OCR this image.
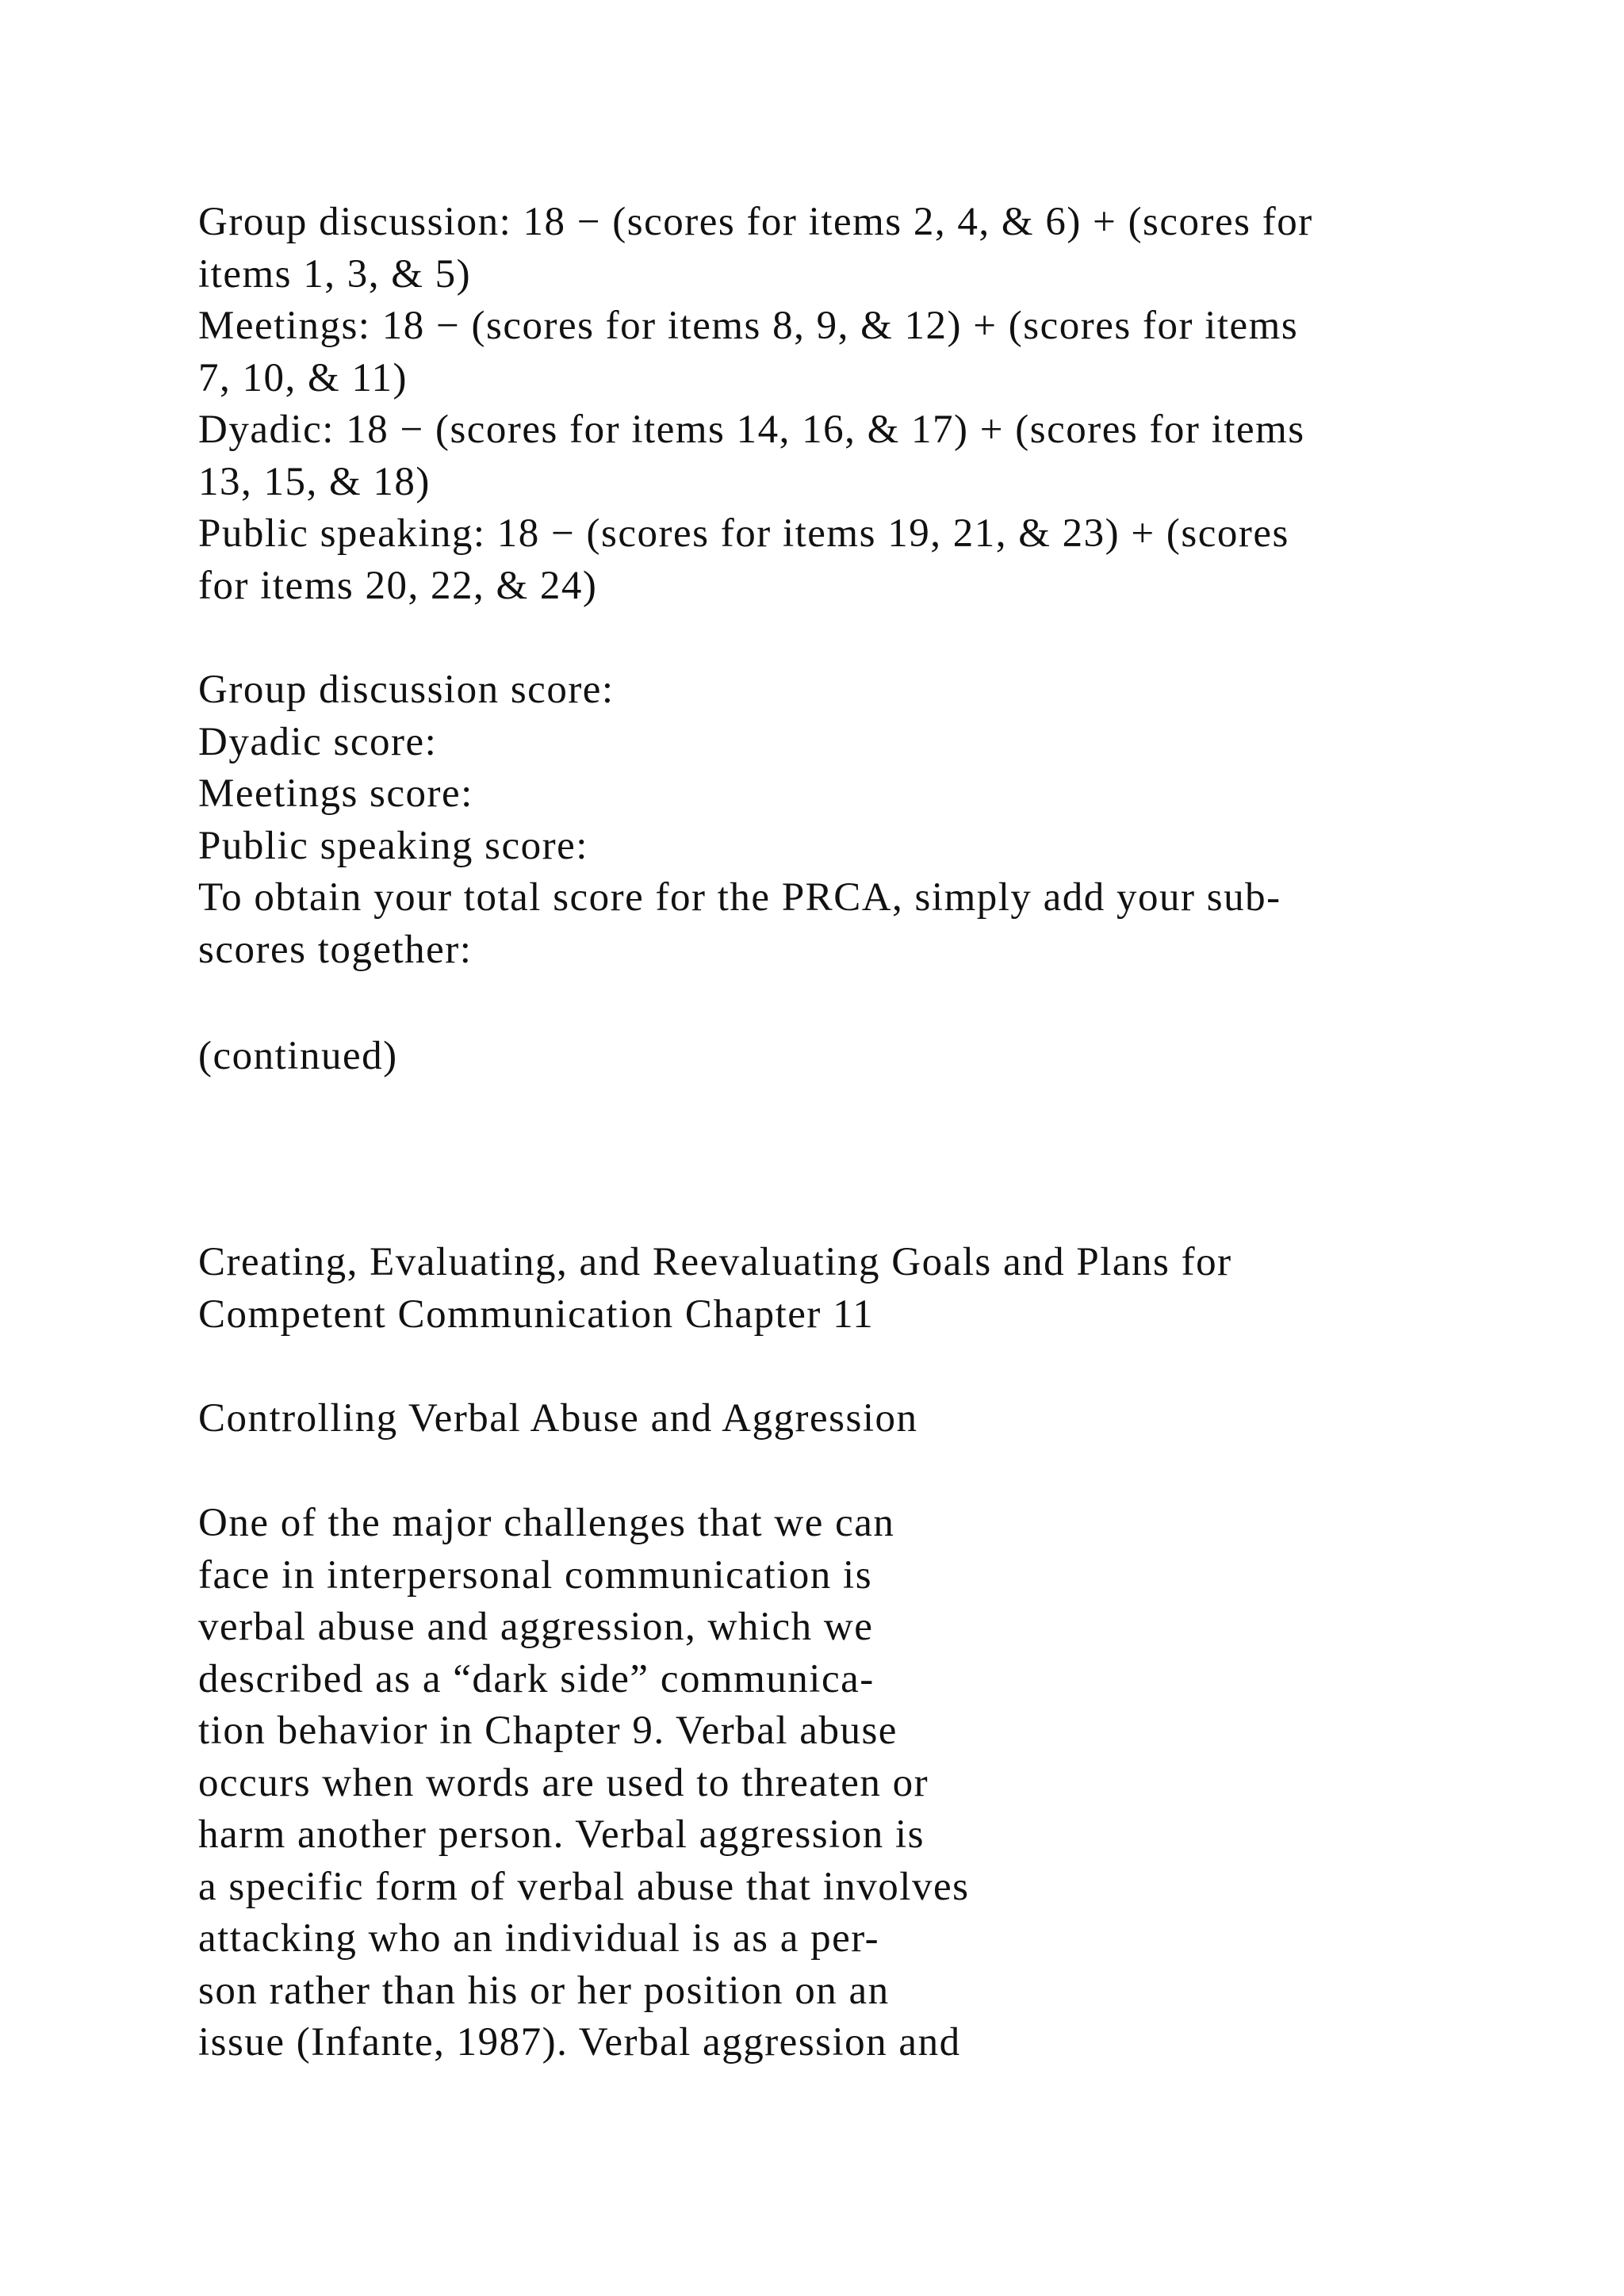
Group discussion: 18 − (scores for items 2, 4, & 6) + (scores for
items 1, 3, & 5)
Meetings: 18 − (scores for items 8, 9, & 12) + (scores for items
7, 10, & 11)
Dyadic: 18 − (scores for items 14, 16, & 17) + (scores for items
13, 15, & 18)
Public speaking: 18 − (scores for items 19, 21, & 23) + (scores
for items 20, 22, & 24)
Group discussion score:
Dyadic score:
Meetings score:
Public speaking score:
To obtain your total score for the PRCA, simply add your sub-
scores together:
(continued)
Creating, Evaluating, and Reevaluating Goals and Plans for
Competent Communication Chapter 11
Controlling Verbal Abuse and Aggression
One of the major challenges that we can
face in interpersonal communication is
verbal abuse and aggression, which we
described as a “dark side” communica-
tion behavior in Chapter 9. Verbal abuse
occurs when words are used to threaten or
harm another person. Verbal aggression is
a specific form of verbal abuse that involves
attacking who an individual is as a per-
son rather than his or her position on an
issue (Infante, 1987). Verbal aggression and
